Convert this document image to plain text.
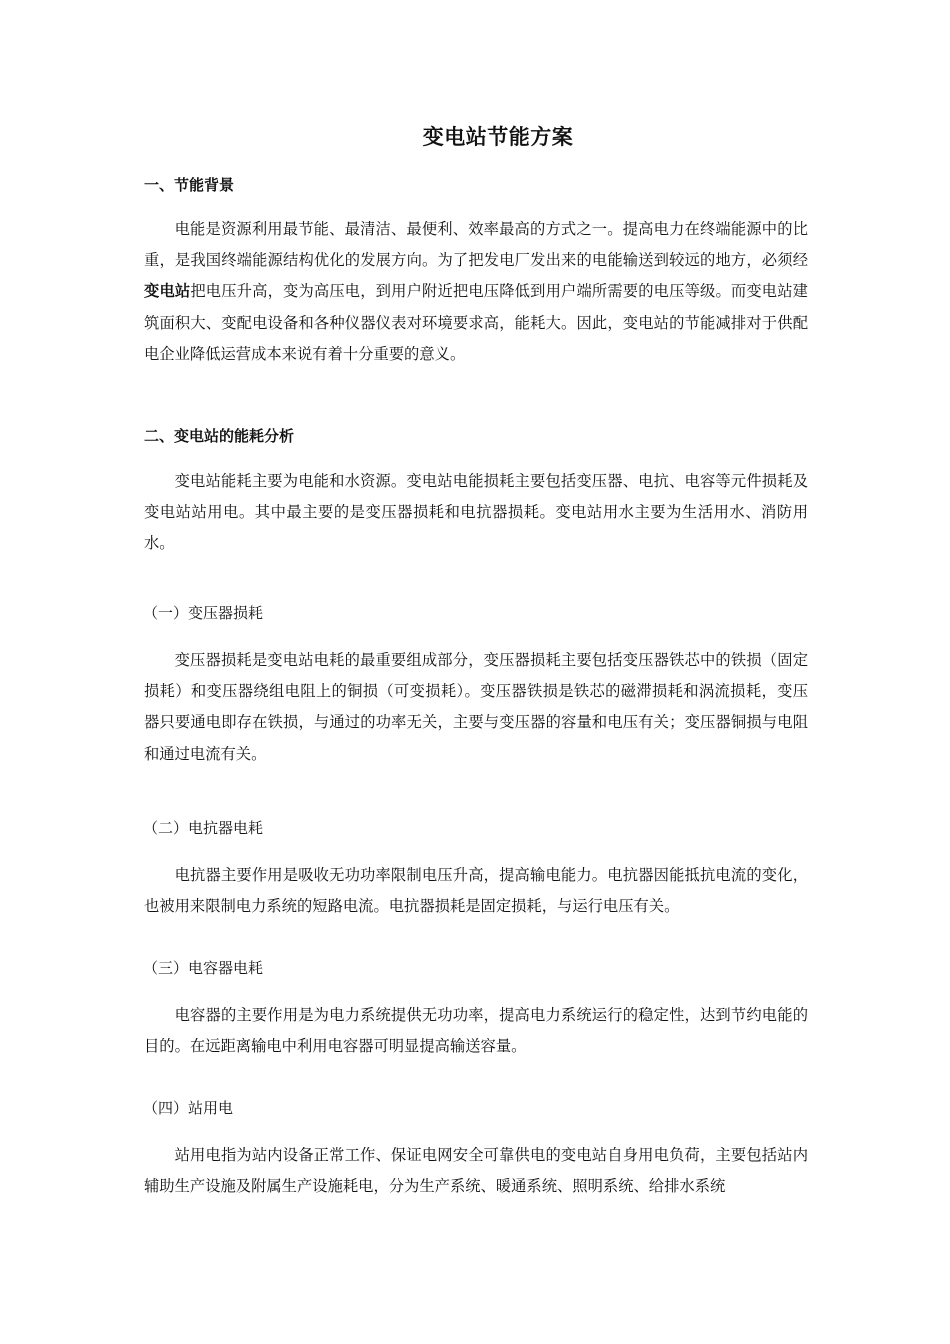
变电站节能方案
一、节能背景

电能是资源利用最节能、最清洁、最便利、效率最高的方式之一。提高电力在终端能源中的比重，是我国终端能源结构优化的发展方向。为了把发电厂发出来的电能输送到较远的地方，必须经变电站把电压升高，变为高压电，到用户附近把电压降低到用户端所需要的电压等级。而变电站建筑面积大、变配电设备和各种仪器仪表对环境要求高，能耗大。因此，变电站的节能减排对于供配电企业降低运营成本来说有着十分重要的意义。

二、变电站的能耗分析

变电站能耗主要为电能和水资源。变电站电能损耗主要包括变压器、电抗、电容等元件损耗及变电站站用电。其中最主要的是变压器损耗和电抗器损耗。变电站用水主要为生活用水、消防用水。

（一）变压器损耗

变压器损耗是变电站电耗的最重要组成部分，变压器损耗主要包括变压器铁芯中的铁损（固定损耗）和变压器绕组电阻上的铜损（可变损耗）。变压器铁损是铁芯的磁滞损耗和涡流损耗，变压器只要通电即存在铁损，与通过的功率无关，主要与变压器的容量和电压有关；变压器铜损与电阻和通过电流有关。

（二）电抗器电耗

电抗器主要作用是吸收无功功率限制电压升高，提高输电能力。电抗器因能抵抗电流的变化，也被用来限制电力系统的短路电流。电抗器损耗是固定损耗，与运行电压有关。

（三）电容器电耗

电容器的主要作用是为电力系统提供无功功率，提高电力系统运行的稳定性，达到节约电能的目的。在远距离输电中利用电容器可明显提高输送容量。

（四）站用电

站用电指为站内设备正常工作、保证电网安全可靠供电的变电站自身用电负荷，主要包括站内辅助生产设施及附属生产设施耗电，分为生产系统、暖通系统、照明系统、给排水系统
